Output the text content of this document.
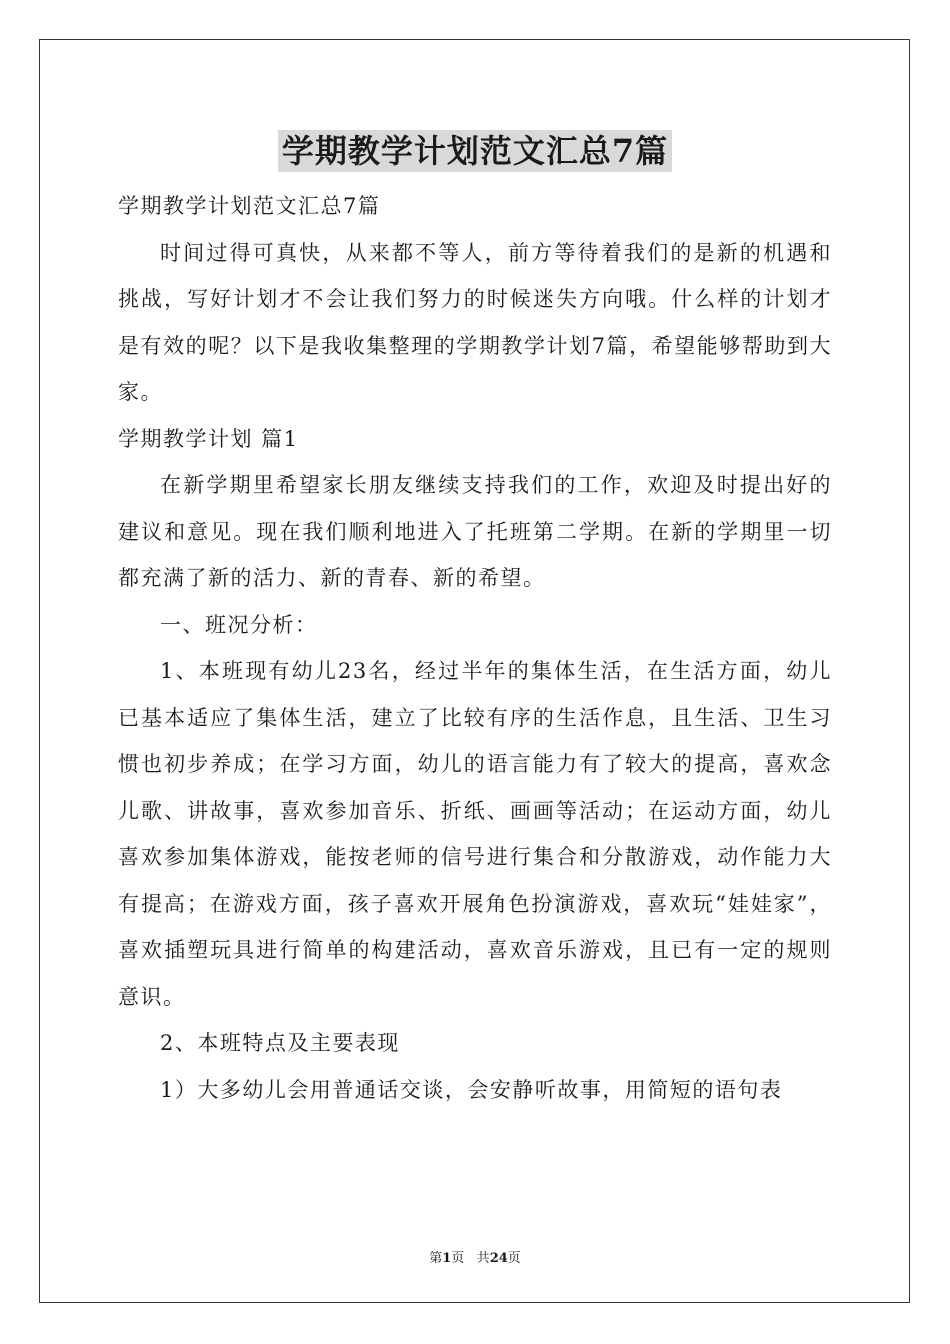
学期教学计划范文汇总7篇

学期教学计划范文汇总7篇

时间过得可真快，从来都不等人，前方等待着我们的是新的机遇和挑战，写好计划才不会让我们努力的时候迷失方向哦。什么样的计划才是有效的呢？以下是我收集整理的学期教学计划7篇，希望能够帮助到大家。

学期教学计划 篇1

在新学期里希望家长朋友继续支持我们的工作，欢迎及时提出好的建议和意见。现在我们顺利地进入了托班第二学期。在新的学期里一切都充满了新的活力、新的青春、新的希望。

一、班况分析：

1、本班现有幼儿23名，经过半年的集体生活，在生活方面，幼儿已基本适应了集体生活，建立了比较有序的生活作息，且生活、卫生习惯也初步养成；在学习方面，幼儿的语言能力有了较大的提高，喜欢念儿歌、讲故事，喜欢参加音乐、折纸、画画等活动；在运动方面，幼儿喜欢参加集体游戏，能按老师的信号进行集合和分散游戏，动作能力大有提高；在游戏方面，孩子喜欢开展角色扮演游戏，喜欢玩“娃娃家”，喜欢插塑玩具进行简单的构建活动，喜欢音乐游戏，且已有一定的规则意识。

2、本班特点及主要表现

1）大多幼儿会用普通话交谈，会安静听故事，用简短的语句表

第1页 共24页
